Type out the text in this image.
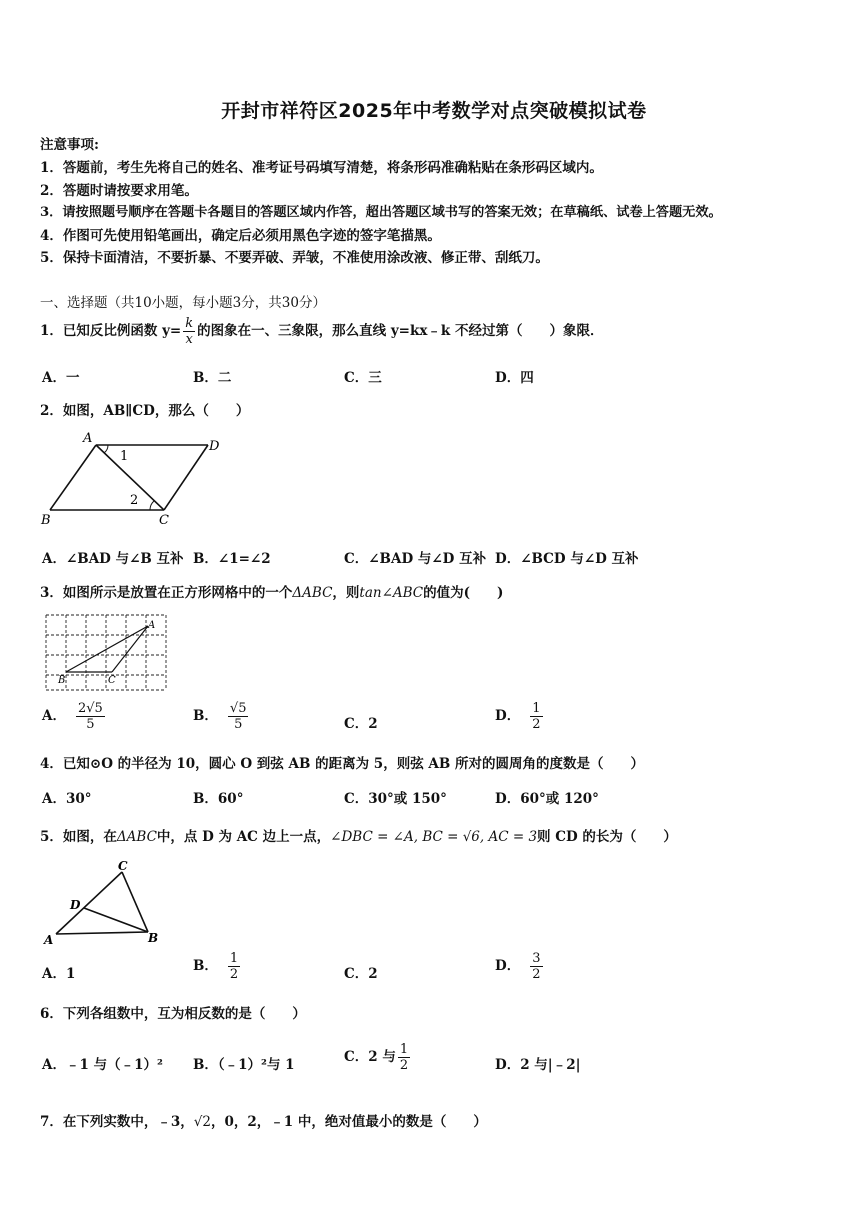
开封市祥符区2025年中考数学对点突破模拟试卷
注意事项:
1．答题前，考生先将自己的姓名、准考证号码填写清楚，将条形码准确粘贴在条形码区域内。
2．答题时请按要求用笔。
3．请按照题号顺序在答题卡各题目的答题区域内作答，超出答题区域书写的答案无效；在草稿纸、试卷上答题无效。
4．作图可先使用铅笔画出，确定后必须用黑色字迹的签字笔描黑。
5．保持卡面清洁，不要折暴、不要弄破、弄皱，不准使用涂改液、修正带、刮纸刀。
一、选择题（共10小题，每小题3分，共30分）
1．已知反比例函数 $y= \frac{k}{x}$ 的图象在一、三象限，那么直线 y=kx﹣k 不经过第（　　）象限．
A．一	B．二	C．三	D．四
2．如图，AB∥CD，那么（　　）
A
D
B	C
1
2
A．∠BAD 与∠B 互补 B．∠1=∠2	C．∠BAD 与∠D 互补 D．∠BCD 与∠D 互补
3．如图所示是放置在正方形网格中的一个ΔABC，则tan∠ABC的值为(　　)
A
B	C
A． $\frac{2√5}{5}$	B． $\frac{√5}{5}$	C．2	D． $\frac{1}{2}$
4．已知⊙O 的半径为 10，圆心 O 到弦 AB 的距离为 5，则弦 AB 所对的圆周角的度数是（　　）
A．30°	B．60°	C．30°或 150°	D．60°或 120°
5．如图，在ΔABC中，点 D 为 AC 边上一点，∠DBC = ∠A, BC = √6, AC = 3则 CD 的长为（　　）
C
D
A	B
A．1	B． $\frac{1}{2}$	C．2	D． $\frac{3}{2}$
6．下列各组数中，互为相反数的是（　　）
A．﹣1 与（﹣1）² B．（﹣1）²与 1	C．2 与 $\frac{1}{2}$	D．2 与|﹣2|
7．在下列实数中，﹣3，√2，0，2，﹣1 中，绝对值最小的数是（　　）
